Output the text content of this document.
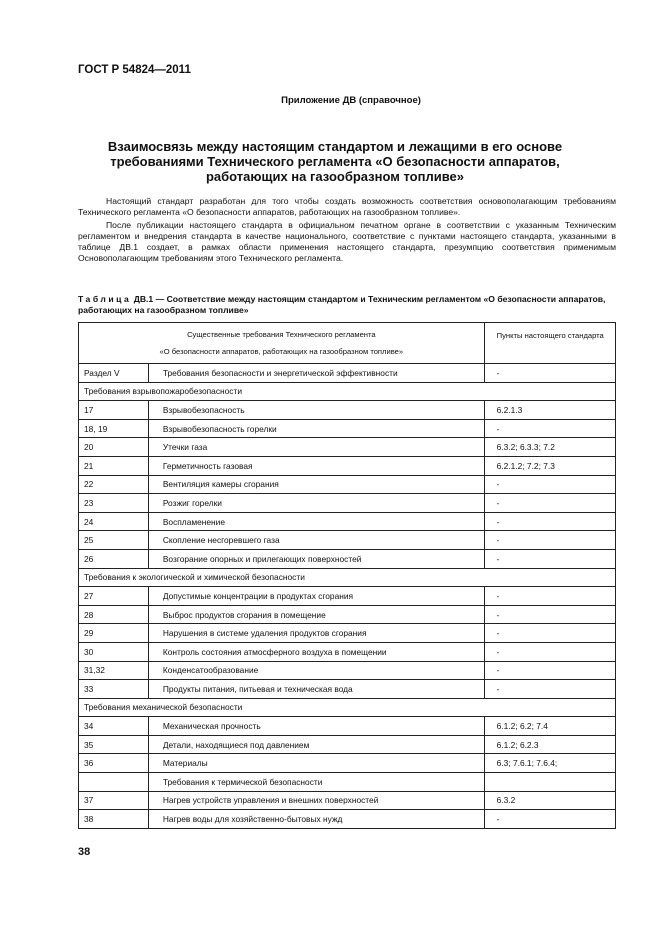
ГОСТ Р 54824—2011
Приложение ДВ (справочное)
Взаимосвязь между настоящим стандартом и лежащими в его основе
требованиями Технического регламента «О безопасности аппаратов,
работающих на газообразном топливе»
Настоящий стандарт разработан для того чтобы создать возможность соответствия основополагающим требованиям Технического регламента «О безопасности аппаратов, работающих на газообразном топливе».
После публикации настоящего стандарта в официальном печатном органе в соответствии с указанным Техническим регламентом и внедрения стандарта в качестве национального, соответствие с пунктами настоящего стандарта, указанными в таблице ДВ.1 создает, в рамках области применения настоящего стандарта, презумпцию соответствия применимым Основополагающим требованиям этого Технического регламента.
Таблица ДВ.1 — Соответствие между настоящим стандартом и Техническим регламентом «О безопасности аппаратов, работающих на газообразном топливе»
Существенные требования Технического регламента
«О безопасности аппаратов, работающих на газообразном топливе»		Пункты настоящего стандарта
Раздел V	Требования безопасности и энергетической эффективности	-
Требования взрывопожаробезопасности		
17	Взрывобезопасность	6.2.1.3
18, 19	Взрывобезопасность горелки	-
20	Утечки газа	6.3.2; 6.3.3; 7.2
21	Герметичность газовая	6.2.1.2; 7.2; 7.3
22	Вентиляция камеры сгорания	-
23	Розжиг горелки	-
24	Воспламенение	-
25	Скопление несгоревшего газа	-
26	Возгорание опорных и прилегающих поверхностей	-
Требования к экологической и химической безопасности		
27	Допустимые концентрации в продуктах сгорания	-
28	Выброс продуктов сгорания в помещение	-
29	Нарушения в системе удаления продуктов сгорания	-
30	Контроль состояния атмосферного воздуха в помещении	-
31,32	Конденсатообразование	-
33	Продукты питания, питьевая и техническая вода	-
Требования механической безопасности		
34	Механическая прочность	6.1.2; 6.2; 7.4
35	Детали, находящиеся под давлением	6.1.2; 6.2.3
36	Материалы	6.3; 7.6.1; 7.6.4;
	Требования к термической безопасности	
37	Нагрев устройств управления и внешних поверхностей	6.3.2
38	Нагрев воды для хозяйственно-бытовых нужд	-
38
